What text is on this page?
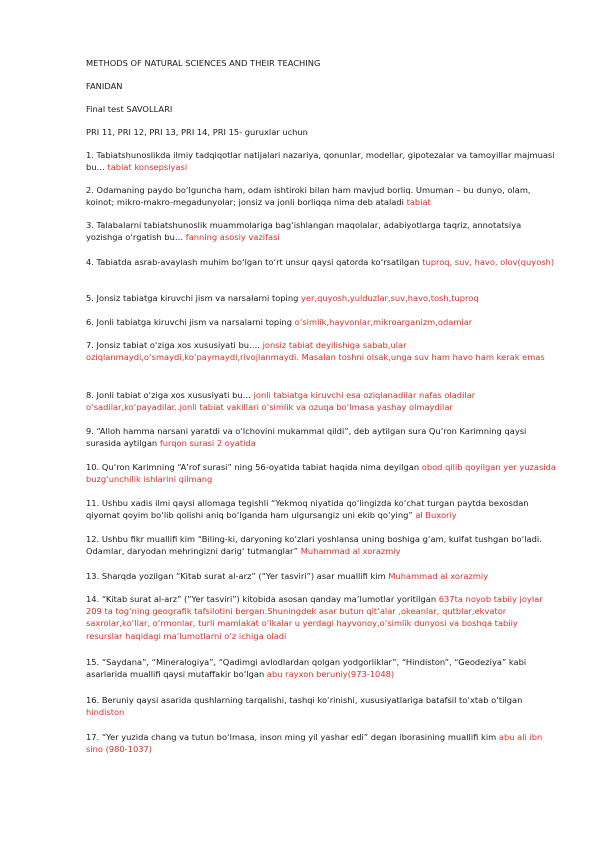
METHODS OF NATURAL SCIENCES AND THEIR TEACHING

FANIDAN

Final test SAVOLLARI

PRI 11, PRI 12, PRI 13, PRI 14, PRI 15- guruxlar uchun

1. Tabiatshunoslikda ilmiy tadqiqotlar natijalari nazariya, qonunlar, modellar, gipotezalar va tamoyillar majmuasi bu… tabiat konsepsiyasi

2. Odamaning paydo bo‘lguncha ham, odam ishtiroki bilan ham mavjud borliq. Umuman – bu dunyo, olam, koinot; mikro-makro-megadunyolar; jonsiz va jonli borliqqa nima deb ataladi tabiat

3. Talabalarni tabiatshunoslik muammolariga bag‘ishlangan maqolalar, adabiyotlarga taqriz, annotatsiya yozishga o‘rgatish bu… fanning asosiy vazifasi

4. Tabiatda asrab-avaylash muhim bo‘lgan to‘rt unsur qaysi qatorda ko‘rsatilgan tuproq, suv, havo, olov(quyosh)

5. Jonsiz tabiatga kiruvchi jism va narsalarni toping yer,quyosh,yulduzlar,suv,havo,tosh,tuproq

6. Jonli tabiatga kiruvchi jism va narsalarni toping o‘simlik,hayvonlar,mikroarganizm,odamlar

7. Jonsiz tabiat o‘ziga xos xususiyati bu…. jonsiz tabiat deyilishiga sabab,ular oziqlanmaydi,o‘smaydi,ko‘paymaydi,rivojlanmaydi. Masalan toshni olsak,unga suv ham havo ham kerak emas

8. Jonli tabiat o‘ziga xos xususiyati bu… jonli tabiatga kiruvchi esa oziqlanadilar nafas oladilar o‘sadilar,ko‘payadilar..jonli tabiat vakillari o‘simlik va ozuqa bo‘lmasa yashay olmaydilar

9. “Alloh hamma narsani yaratdi va o‘lchovini mukammal qildi”, deb aytilgan sura Qu’ron Karimning qaysi surasida aytilgan furqon surasi 2 oyatida

10. Qu‘ron Karimning “A’rof surasi” ning 56-oyatida tabiat haqida nima deyilgan obod qilib qoyilgan yer yuzasida buzg‘unchilik ishlarini qilmang

11. Ushbu xadis ilmi qaysi allomaga tegishli “Yekmoq niyatida qo‘lingizda ko‘chat turgan paytda bexosdan qiyomat qoyim bo‘lib qolishi aniq bo‘lganda ham ulgursangiz uni ekib qo‘ying” al Buxoriy

12. Ushbu fikr muallifi kim “Biling-ki, daryoning ko‘zlari yoshlansa uning boshiga g‘am, kulfat tushgan bo‘ladi. Odamlar, daryodan mehringizni darig‘ tutmanglar” Muhammad al xorazmiy

13. Sharqda yozilgan “Kitab surat al-arz” (“Yer tasviri”) asar muallifi kim Muhammad al xorazmiy

14. “Kitab surat al-arz” (“Yer tasviri”) kitobida asosan qanday ma’lumotlar yoritilgan 637ta noyob tabiiy joylar 209 ta tog‘ning geografik tafsilotini bergan.Shuningdek asar butun qit‘alar ,okeanlar, qutblar,ekvator saxrolar,ko‘llar, o‘rmonlar, turli mamlakat o‘lkalar u yerdagi hayvonoy,o‘simlik dunyosi va boshqa tabiiy resurslar haqidagi ma‘lumotlarni o‘z ichiga oladi

15. “Saydana”, “Mineralogiya”, “Qadimgi avlodlardan qolgan yodgorliklar”, “Hindiston”, “Geodeziya” kabi asarlarida muallifi qaysi mutaffakir bo‘lgan abu rayxon beruniy(973-1048)

16. Beruniy qaysi asarida qushlarning tarqalishi, tashqi ko‘rinishi, xususiyatlariga batafsil to‘xtab o‘tilgan hindiston

17. “Yer yuzida chang va tutun bo‘lmasa, inson ming yil yashar edi” degan iborasining muallifi kim abu ali ibn sino (980-1037)
